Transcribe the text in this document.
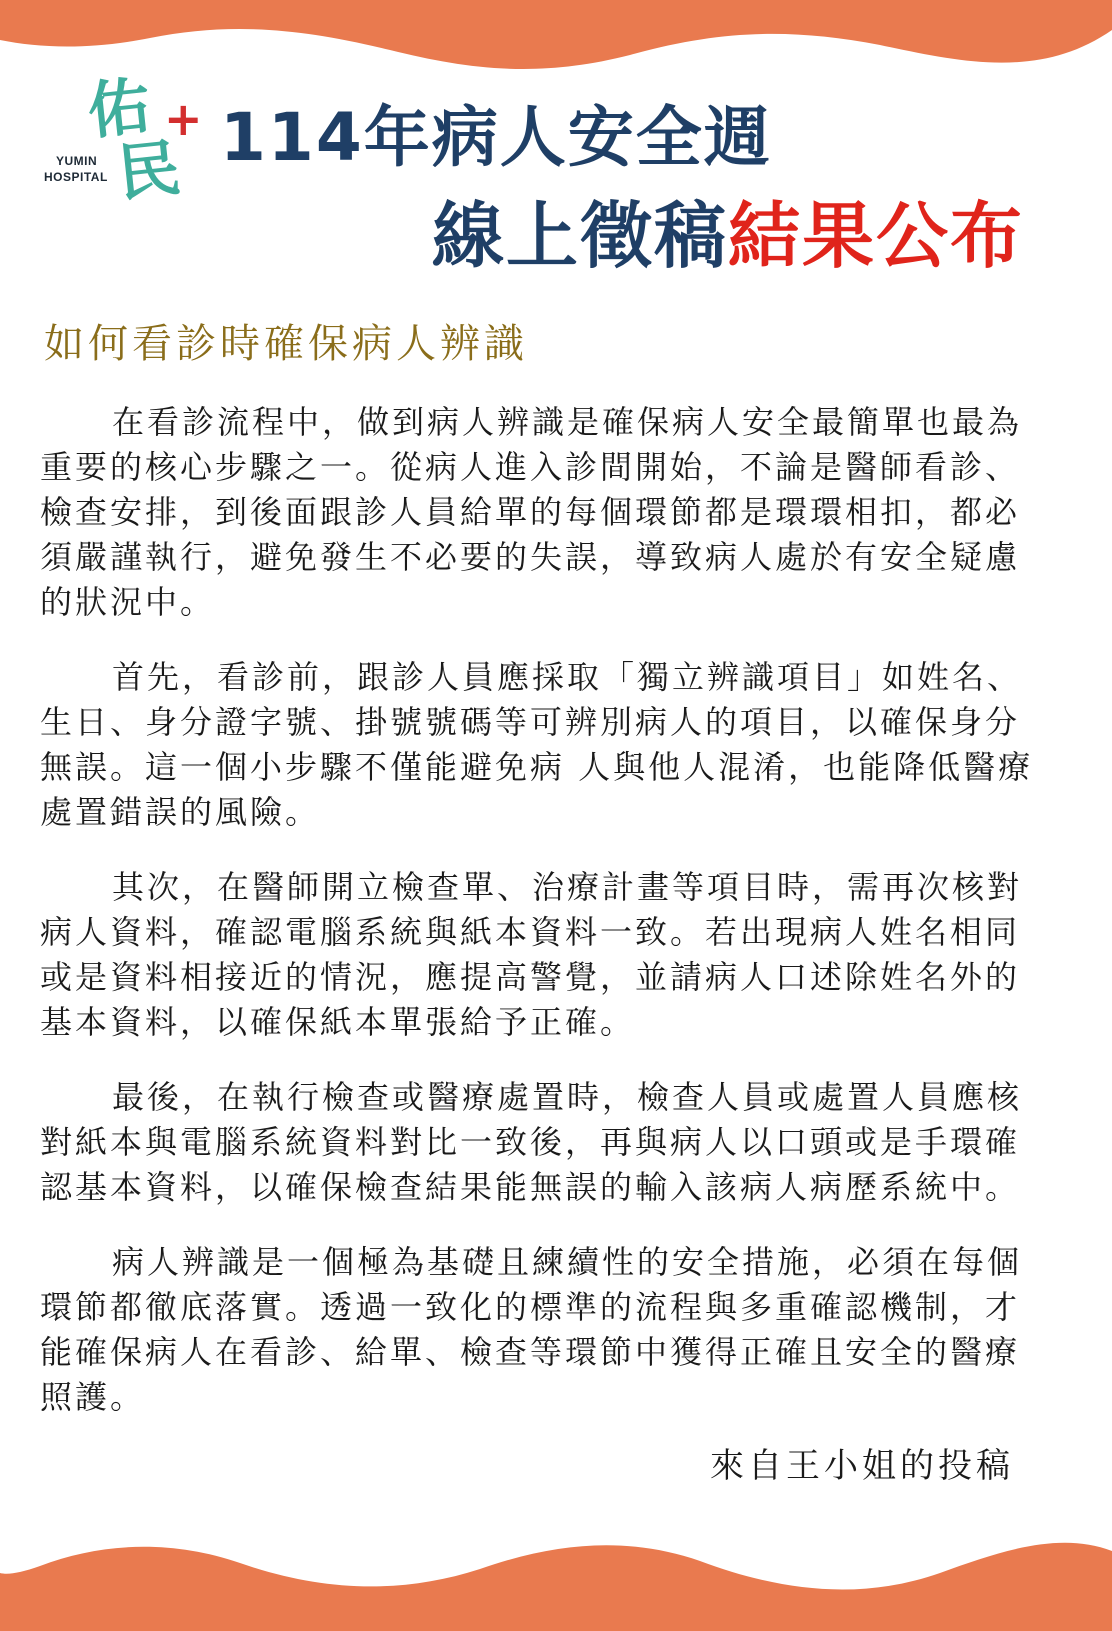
佑 +
YUMIN
HOSPITAL 民 114年病人安全週
線上徵稿結果公布
如何看診時確保病人辨識

在看診流程中，做到病人辨識是確保病人安全最簡單也最為重要的核心步驟之一。從病人進入診間開始，不論是醫師看診、檢查安排，到後面跟診人員給單的每個環節都是環環相扣，都必須嚴謹執行，避免發生不必要的失誤，導致病人處於有安全疑慮的狀況中。

首先，看診前，跟診人員應採取「獨立辨識項目」如姓名、生日、身分證字號、掛號號碼等可辨別病人的項目，以確保身分無誤。這一個小步驟不僅能避免病 人與他人混淆，也能降低醫療處置錯誤的風險。

其次，在醫師開立檢查單、治療計畫等項目時，需再次核對病人資料，確認電腦系統與紙本資料一致。若出現病人姓名相同或是資料相接近的情況，應提高警覺，並請病人口述除姓名外的基本資料，以確保紙本單張給予正確。

最後，在執行檢查或醫療處置時，檢查人員或處置人員應核對紙本與電腦系統資料對比一致後，再與病人以口頭或是手環確認基本資料，以確保檢查結果能無誤的輸入該病人病歷系統中。

病人辨識是一個極為基礎且練續性的安全措施，必須在每個環節都徹底落實。透過一致化的標準的流程與多重確認機制，才能確保病人在看診、給單、檢查等環節中獲得正確且安全的醫療照護。

來自王小姐的投稿
